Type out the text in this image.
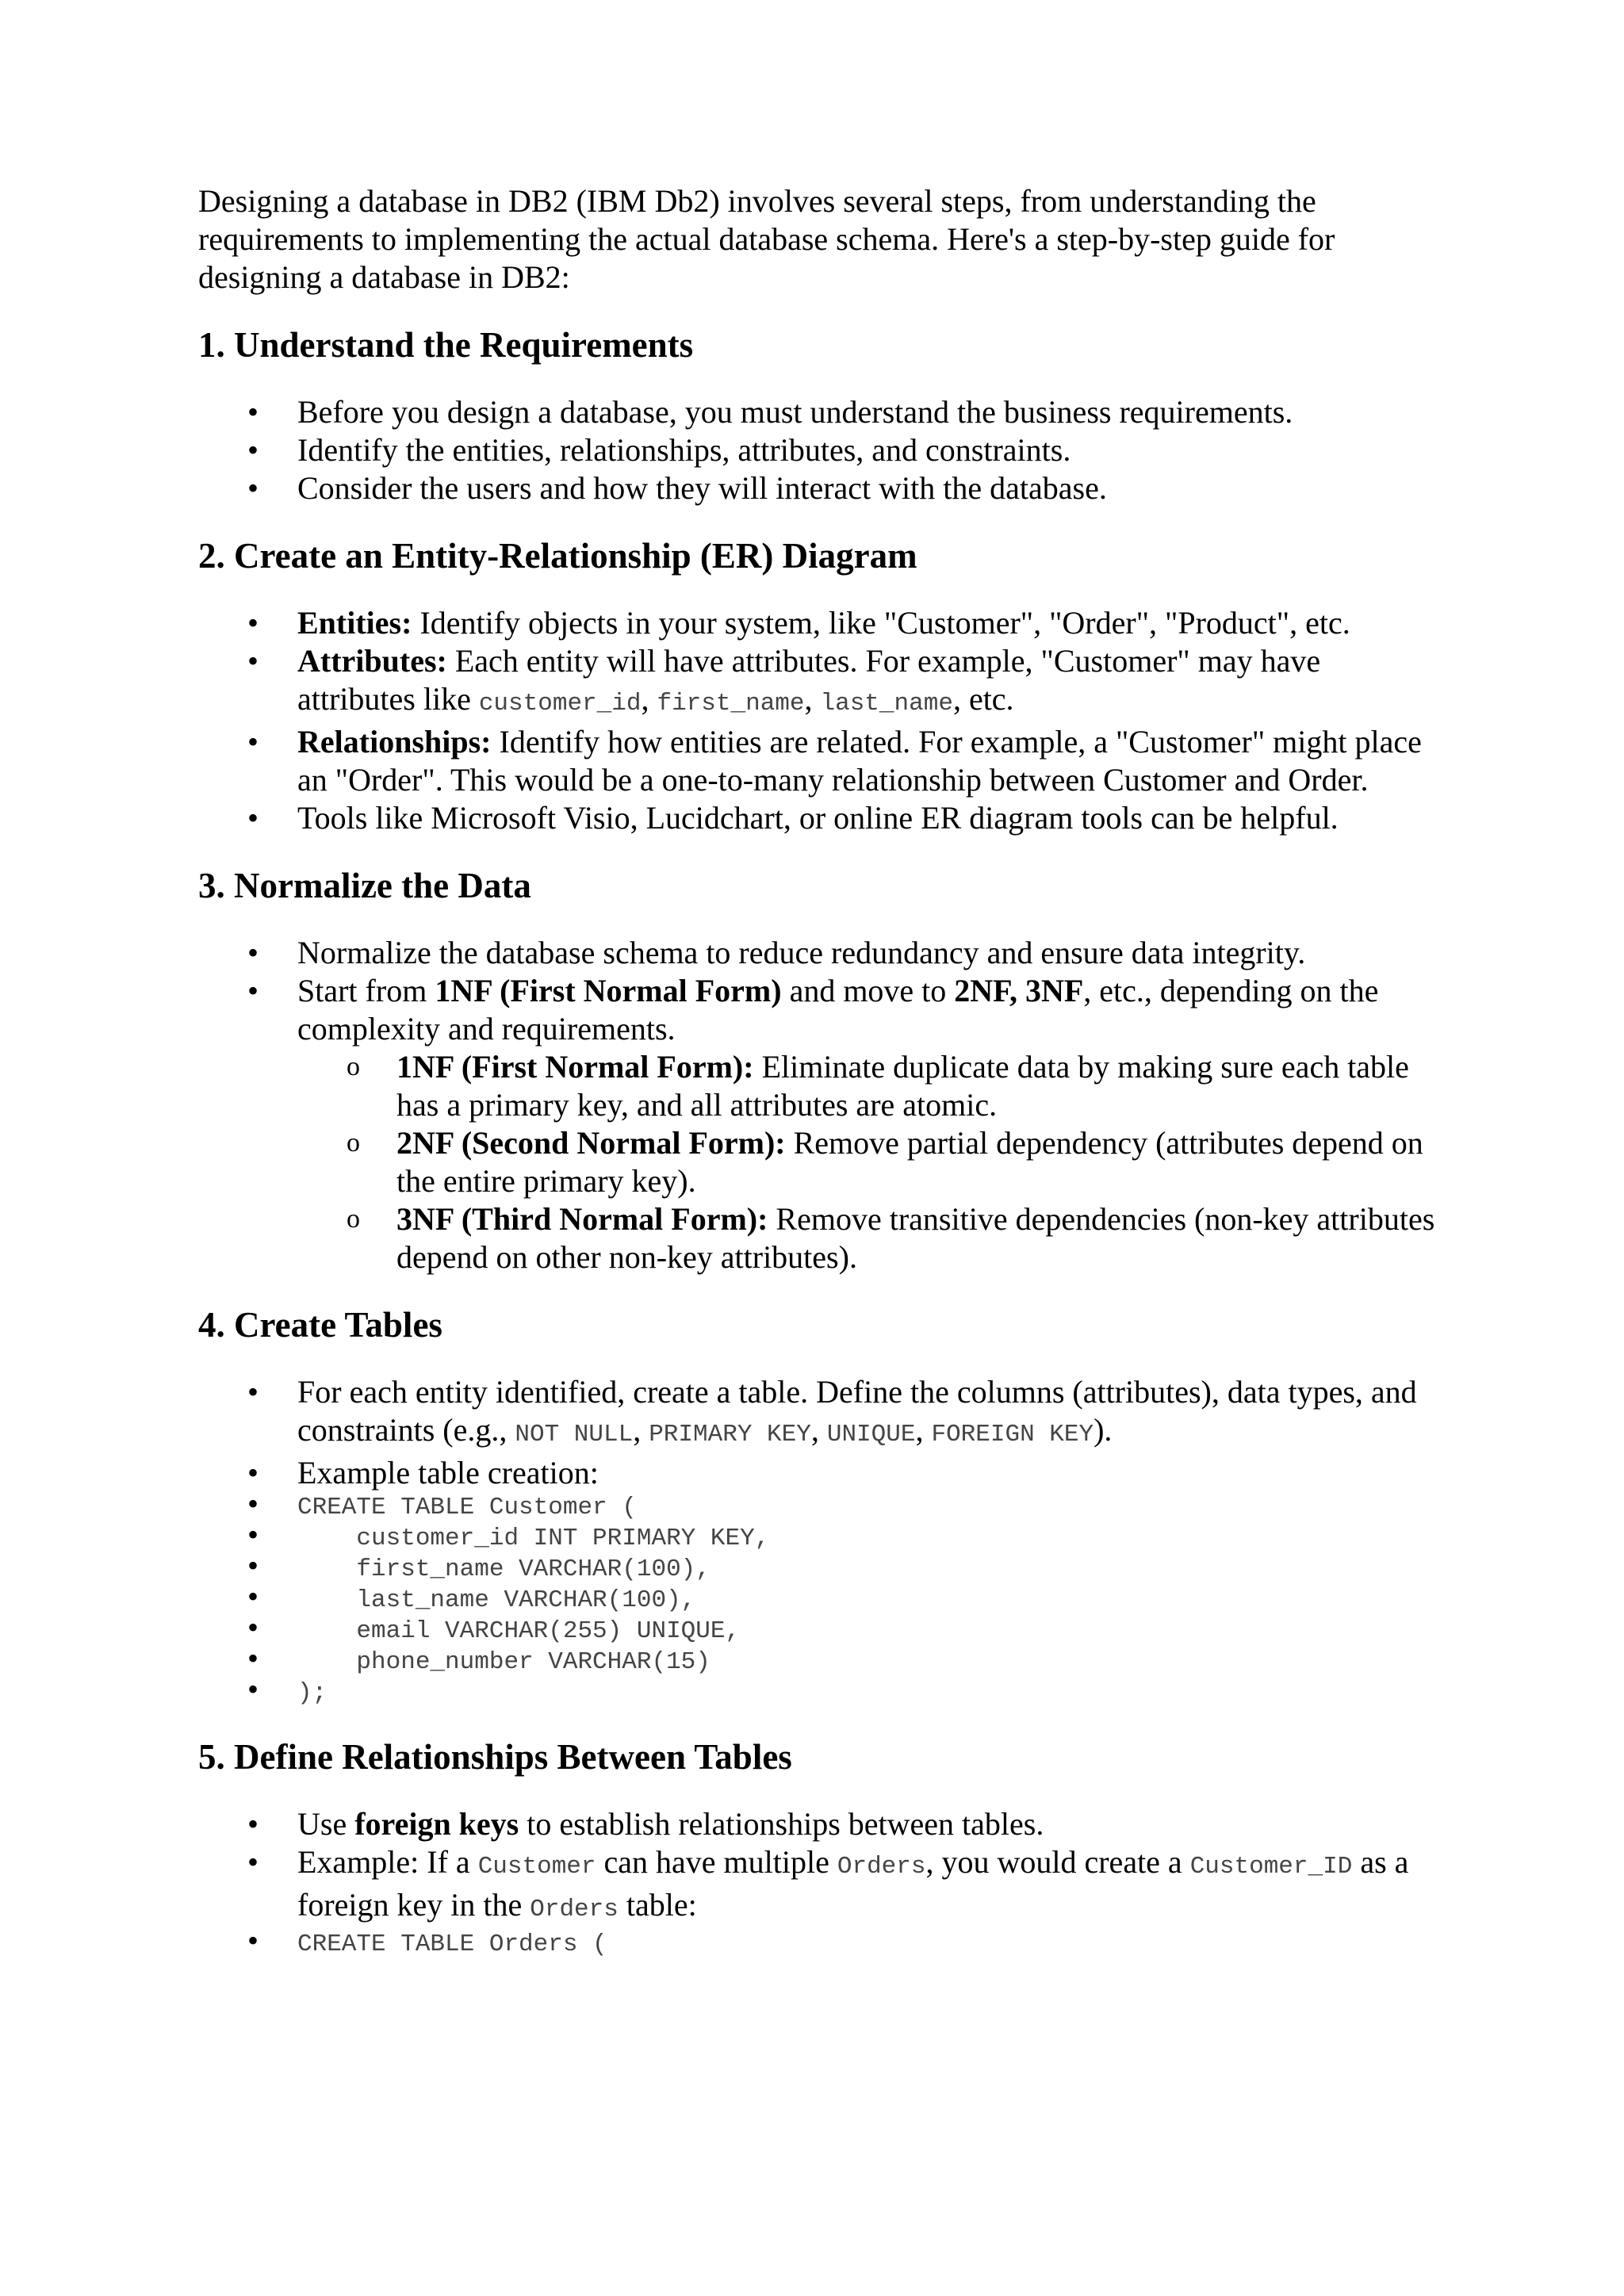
Designing a database in DB2 (IBM Db2) involves several steps, from understanding the requirements to implementing the actual database schema. Here's a step-by-step guide for designing a database in DB2:

1. Understand the Requirements
• Before you design a database, you must understand the business requirements.
• Identify the entities, relationships, attributes, and constraints.
• Consider the users and how they will interact with the database.
2. Create an Entity-Relationship (ER) Diagram
• Entities: Identify objects in your system, like "Customer", "Order", "Product", etc.
• Attributes: Each entity will have attributes. For example, "Customer" may have attributes like customer_id, first_name, last_name, etc.
• Relationships: Identify how entities are related. For example, a "Customer" might place an "Order". This would be a one-to-many relationship between Customer and Order.
• Tools like Microsoft Visio, Lucidchart, or online ER diagram tools can be helpful.
3. Normalize the Data
• Normalize the database schema to reduce redundancy and ensure data integrity.
• Start from 1NF (First Normal Form) and move to 2NF, 3NF, etc., depending on the complexity and requirements.
o 1NF (First Normal Form): Eliminate duplicate data by making sure each table has a primary key, and all attributes are atomic.
o 2NF (Second Normal Form): Remove partial dependency (attributes depend on the entire primary key).
o 3NF (Third Normal Form): Remove transitive dependencies (non-key attributes depend on other non-key attributes).
4. Create Tables
• For each entity identified, create a table. Define the columns (attributes), data types, and constraints (e.g., NOT NULL, PRIMARY KEY, UNIQUE, FOREIGN KEY).
• Example table creation:
• CREATE TABLE Customer (
•     customer_id INT PRIMARY KEY,
•     first_name VARCHAR(100),
•     last_name VARCHAR(100),
•     email VARCHAR(255) UNIQUE,
•     phone_number VARCHAR(15)
• );
5. Define Relationships Between Tables
• Use foreign keys to establish relationships between tables.
• Example: If a Customer can have multiple Orders, you would create a Customer_ID as a foreign key in the Orders table:
• CREATE TABLE Orders (
